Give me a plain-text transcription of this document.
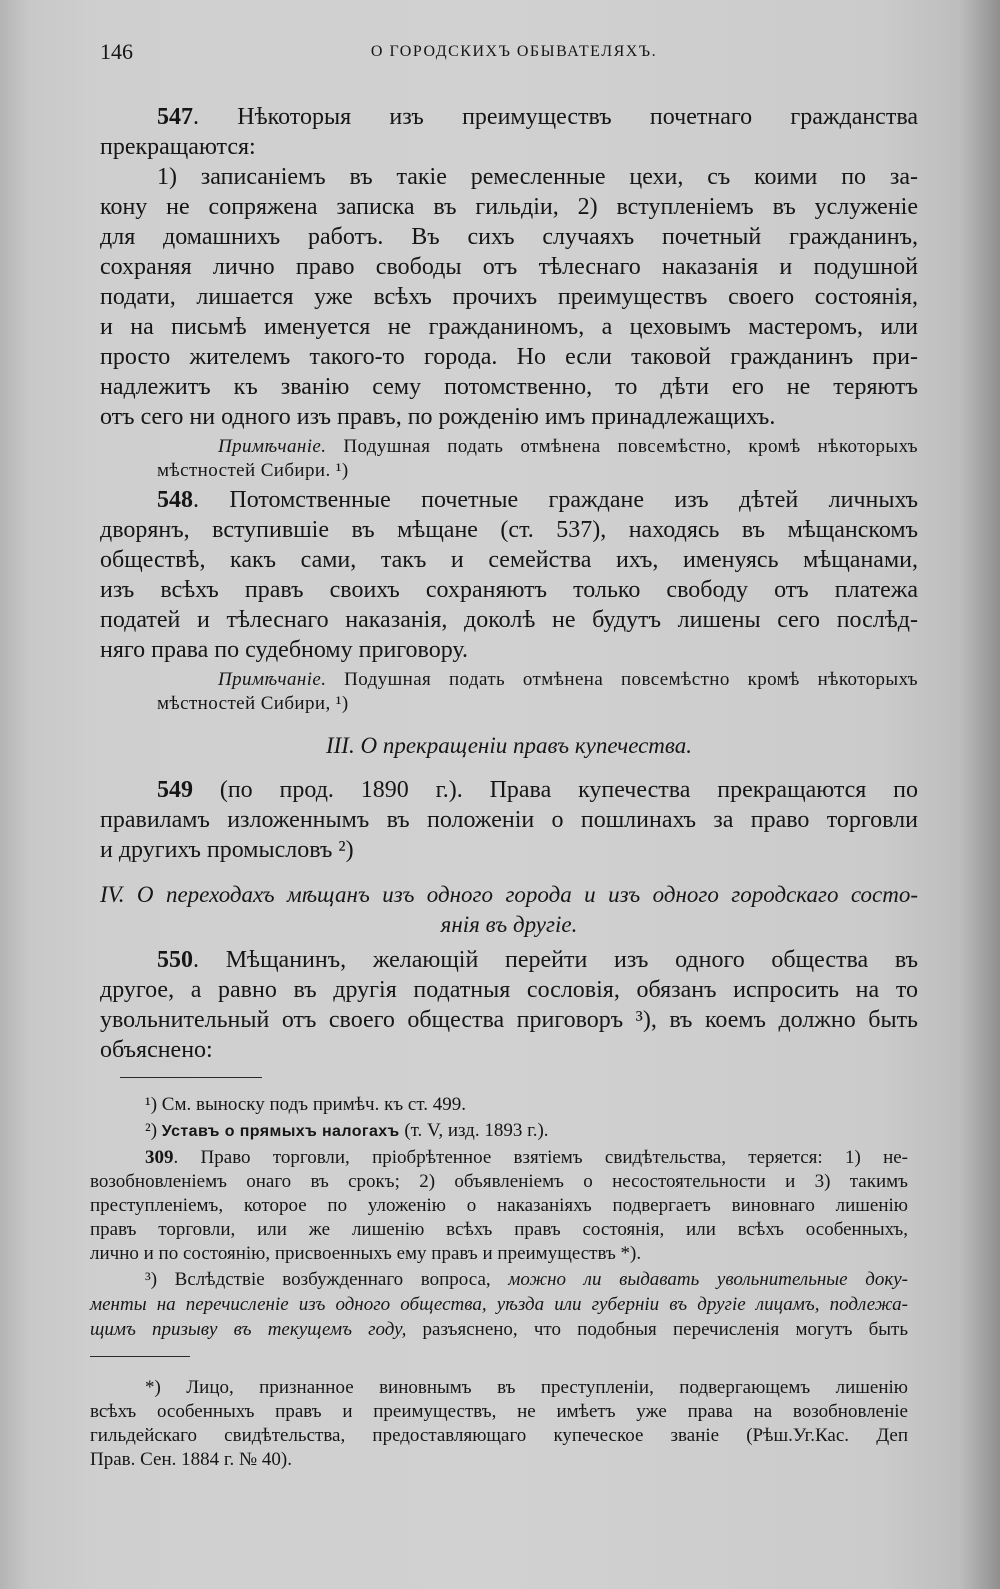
146	О ГОРОДСКИХЪ ОБЫВАТЕЛЯХЪ.
547. Нѣкоторыя изъ преимуществъ почетнаго гражданства
прекращаются:
1) записаніемъ въ такіе ремесленные цехи, съ коими по за-
кону не сопряжена записка въ гильдіи, 2) вступленіемъ въ услуженіе
для домашнихъ работъ. Въ сихъ случаяхъ почетный гражданинъ,
сохраняя лично право свободы отъ тѣлеснаго наказанія и подушной
подати, лишается уже всѣхъ прочихъ преимуществъ своего состоянія,
и на письмѣ именуется не гражданиномъ, а цеховымъ мастеромъ, или
просто жителемъ такого-то города. Но если таковой гражданинъ при-
надлежитъ къ званію сему потомственно, то дѣти его не теряютъ
отъ сего ни одного изъ правъ, по рожденію имъ принадлежащихъ.
Примѣчаніе. Подушная подать отмѣнена повсемѣстно, кромѣ нѣкоторыхъ
мѣстностей Сибири. ¹)
548. Потомственные почетные граждане изъ дѣтей личныхъ
дворянъ, вступившіе въ мѣщане (ст. 537), находясь въ мѣщанскомъ
обществѣ, какъ сами, такъ и семейства ихъ, именуясь мѣщанами,
изъ всѣхъ правъ своихъ сохраняютъ только свободу отъ платежа
податей и тѣлеснаго наказанія, доколѣ не будутъ лишены сего послѣд-
няго права по судебному приговору.
Примѣчаніе. Подушная подать отмѣнена повсемѣстно кромѣ нѣкоторыхъ
мѣстностей Сибири, ¹)
III. О прекращеніи правъ купечества.
549 (по прод. 1890 г.). Права купечества прекращаются по
правиламъ изложеннымъ въ положеніи о пошлинахъ за право торговли
и другихъ промысловъ ²)
IV. О переходахъ мѣщанъ изъ одного города и изъ одного городскаго состо-
янія въ другіе.
550. Мѣщанинъ, желающій перейти изъ одного общества въ
другое, а равно въ другія податныя сословія, обязанъ испросить на то
увольнительный отъ своего общества приговоръ ³), въ коемъ должно быть
объяснено:
¹) См. выноску подъ примѣч. къ ст. 499.
²) Уставъ о прямыхъ налогахъ (т. V, изд. 1893 г.).
309. Право торговли, пріобрѣтенное взятіемъ свидѣтельства, теряется: 1) не-
возобновленіемъ онаго въ срокъ; 2) объявленіемъ о несостоятельности и 3) такимъ
преступленіемъ, которое по уложенію о наказаніяхъ подвергаетъ виновнаго лишенію
правъ торговли, или же лишенію всѣхъ правъ состоянія, или всѣхъ особенныхъ,
лично и по состоянію, присвоенныхъ ему правъ и преимуществъ *).
³) Вслѣдствіе возбужденнаго вопроса, можно ли выдавать увольнительные доку-
менты на перечисленіе изъ одного общества, уѣзда или губерніи въ другіе лицамъ, подлежа-
щимъ призыву въ текущемъ году, разъяснено, что подобныя перечисленія могутъ быть
*) Лицо, признанное виновнымъ въ преступленіи, подвергающемъ лишенію
всѣхъ особенныхъ правъ и преимуществъ, не имѣетъ уже права на возобновленіе
гильдейскаго свидѣтельства, предоставляющаго купеческое званіе (Рѣш.Уг.Кас. Деп
Прав. Сен. 1884 г. № 40).
